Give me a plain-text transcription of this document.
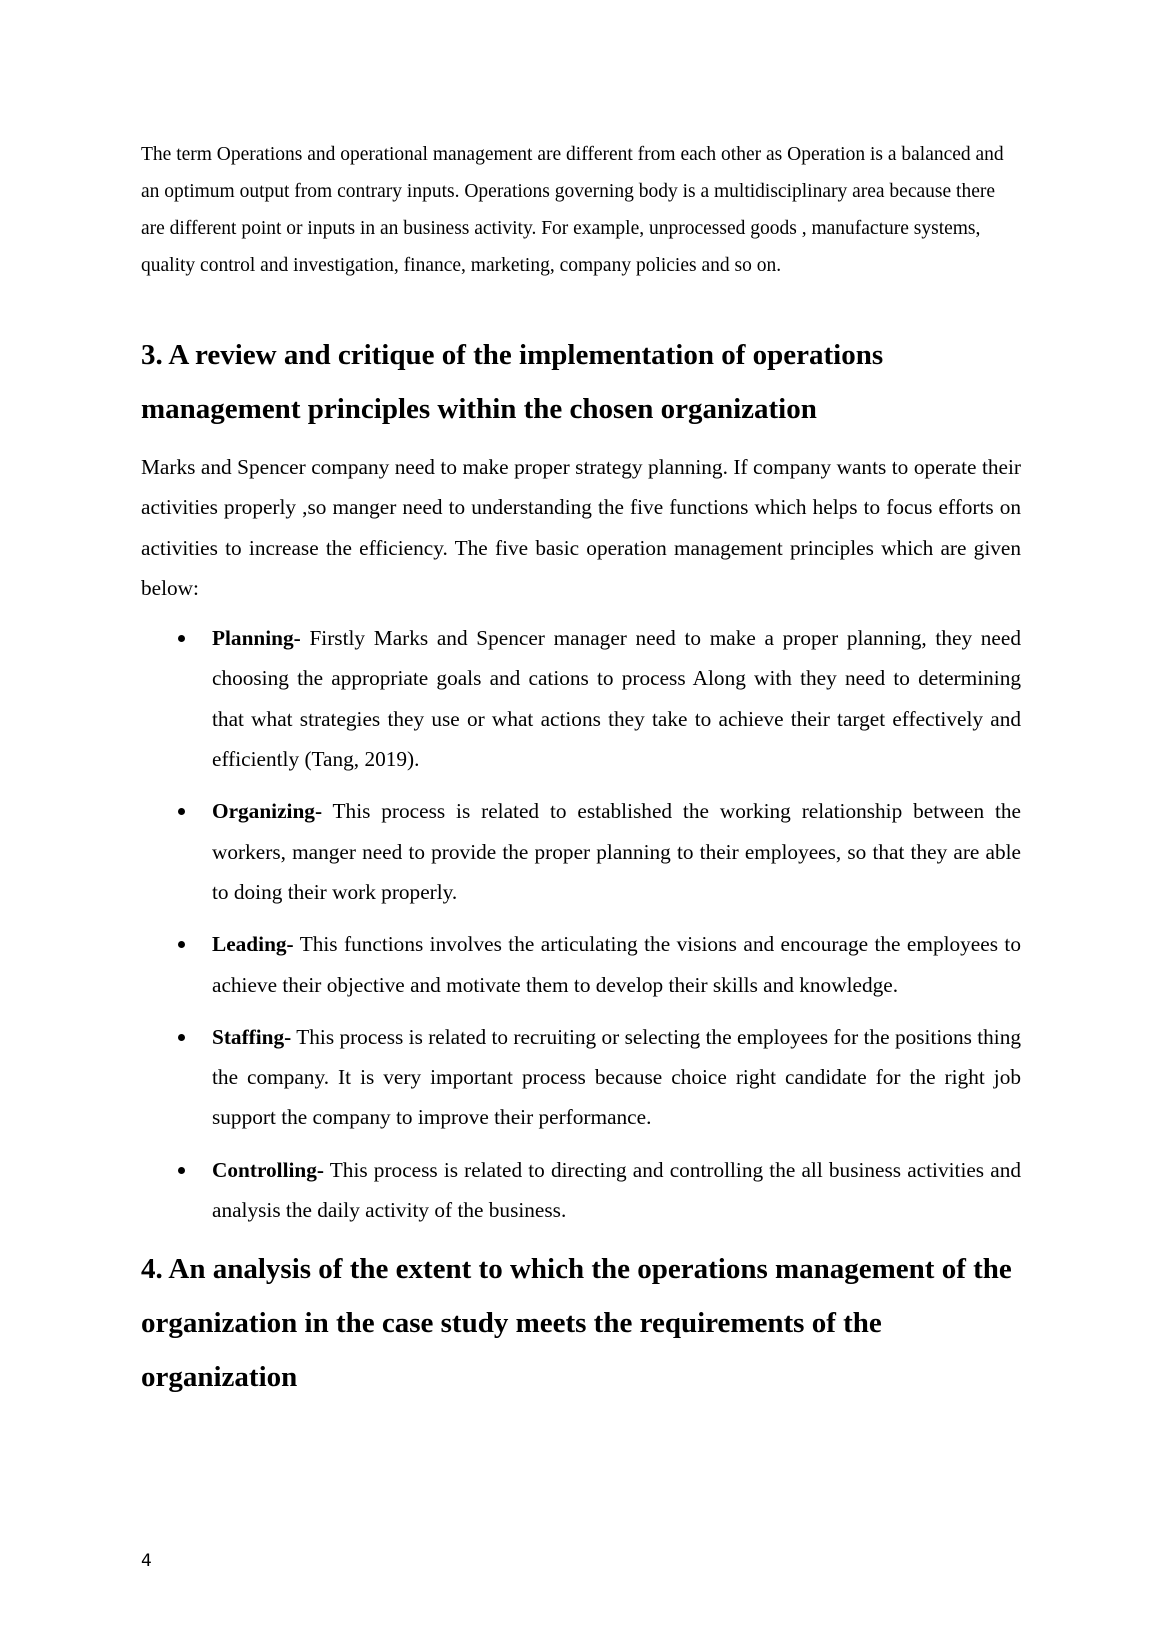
The term Operations and operational management are different from each other as Operation is a balanced and an optimum output from contrary inputs. Operations governing body is a multidisciplinary area because there are different point or inputs in an business activity. For example, unprocessed goods , manufacture systems, quality control and investigation, finance, marketing, company policies and so on.

3. A review and critique of the implementation of operations management principles within the chosen organization

Marks and Spencer company need to make proper strategy planning. If company wants to operate their activities properly ,so manger need to understanding the five functions which helps to focus efforts on activities to increase the efficiency. The five basic operation management principles which are given below:

Planning- Firstly Marks and Spencer manager need to make a proper planning, they need choosing the appropriate goals and cations to process Along with they need to determining that what strategies they use or what actions they take to achieve their target effectively and efficiently (Tang, 2019).
Organizing- This process is related to established the working relationship between the workers, manger need to provide the proper planning to their employees, so that they are able to doing their work properly.
Leading- This functions involves the articulating the visions and encourage the employees to achieve their objective and motivate them to develop their skills and knowledge.
Staffing- This process is related to recruiting or selecting the employees for the positions thing the company. It is very important process because choice right candidate for the right job support the company to improve their performance.
Controlling- This process is related to directing and controlling the all business activities and analysis the daily activity of the business.
4. An analysis of the extent to which the operations management of the organization in the case study meets the requirements of the organization
4
